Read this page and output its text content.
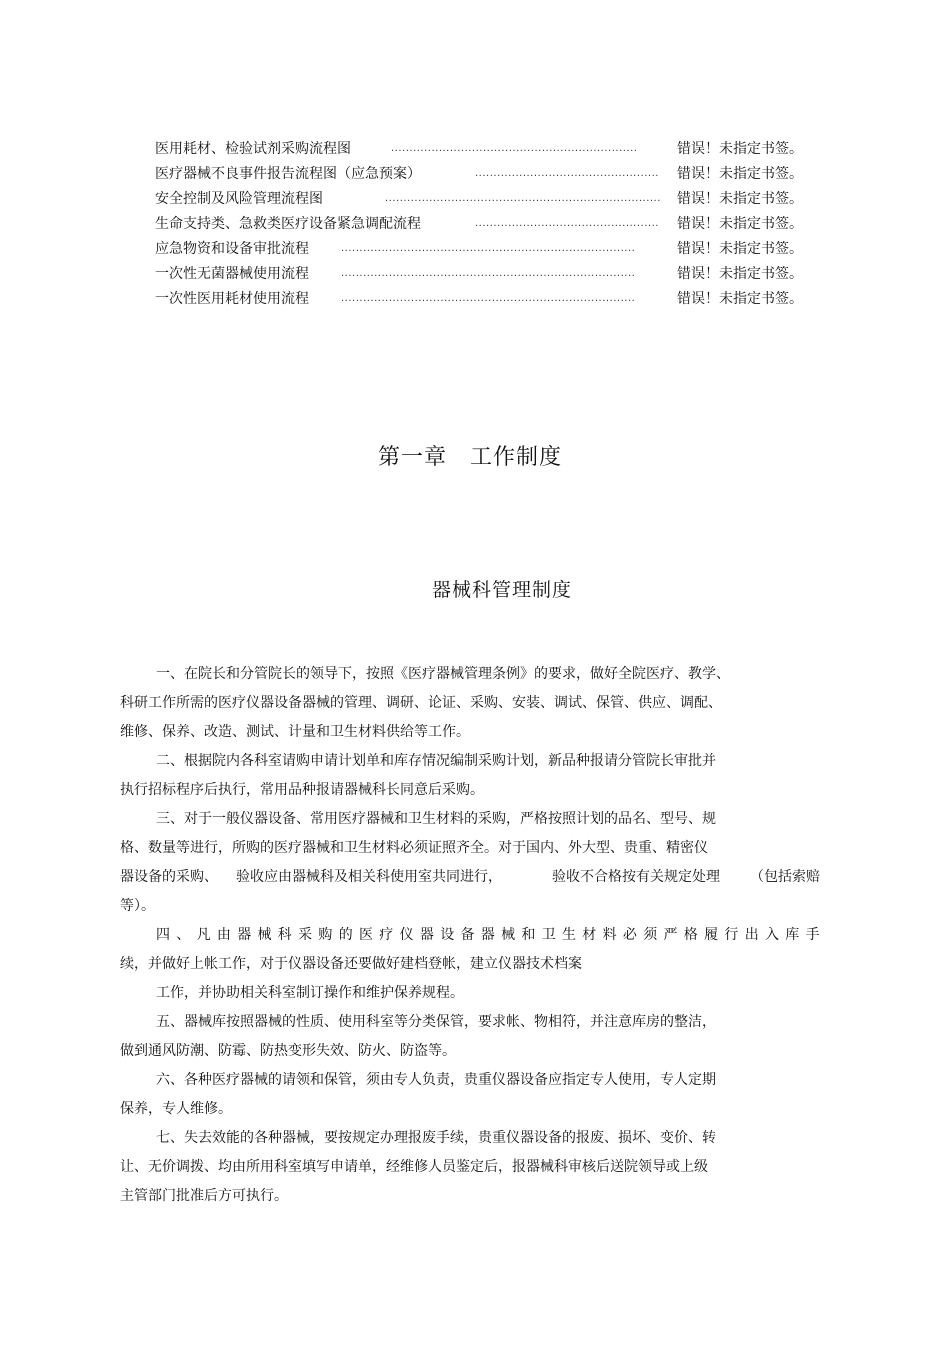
医用耗材、检验试剂采购流程图	...................................................................	错误！未指定书签。
医疗器械不良事件报告流程图（应急预案）	..................................................	错误！未指定书签。
安全控制及风险管理流程图	...........................................................................	错误！未指定书签。
生命支持类、急救类医疗设备紧急调配流程	..................................................	错误！未指定书签。
应急物资和设备审批流程	................................................................................	错误！未指定书签。
一次性无菌器械使用流程	................................................................................	错误！未指定书签。
一次性医用耗材使用流程	................................................................................	错误！未指定书签。
第一章　工作制度
器械科管理制度
一、在院长和分管院长的领导下，按照《医疗器械管理条例》的要求，做好全院医疗、教学、
科研工作所需的医疗仪器设备器械的管理、调研、论证、采购、安装、调试、保管、供应、调配、
维修、保养、改造、测试、计量和卫生材料供给等工作。
二、根据院内各科室请购申请计划单和库存情况编制采购计划，新品种报请分管院长审批并
执行招标程序后执行，常用品种报请器械科长同意后采购。
三、对于一般仪器设备、常用医疗器械和卫生材料的采购，严格按照计划的品名、型号、规
格、数量等进行，所购的医疗器械和卫生材料必须证照齐全。对于国内、外大型、贵重、精密仪
器设备的采购、 验收应由器械科及相关科使用室共同进行，	验收不合格按有关规定处理 （包括索赔
等）。
四、凡由器械科采购的医疗仪器设备器械和卫生材料必须严格履行出入库手
续，并做好上帐工作，对于仪器设备还要做好建档登帐，建立仪器技术档案
工作，并协助相关科室制订操作和维护保养规程。
五、器械库按照器械的性质、使用科室等分类保管，要求帐、物相符，并注意库房的整洁，
做到通风防潮、防霉、防热变形失效、防火、防盗等。
六、各种医疗器械的请领和保管，须由专人负责，贵重仪器设备应指定专人使用，专人定期
保养，专人维修。
七、失去效能的各种器械，要按规定办理报废手续，贵重仪器设备的报废、损坏、变价、转
让、无价调拨、均由所用科室填写申请单，经维修人员鉴定后，报器械科审核后送院领导或上级
主管部门批准后方可执行。
